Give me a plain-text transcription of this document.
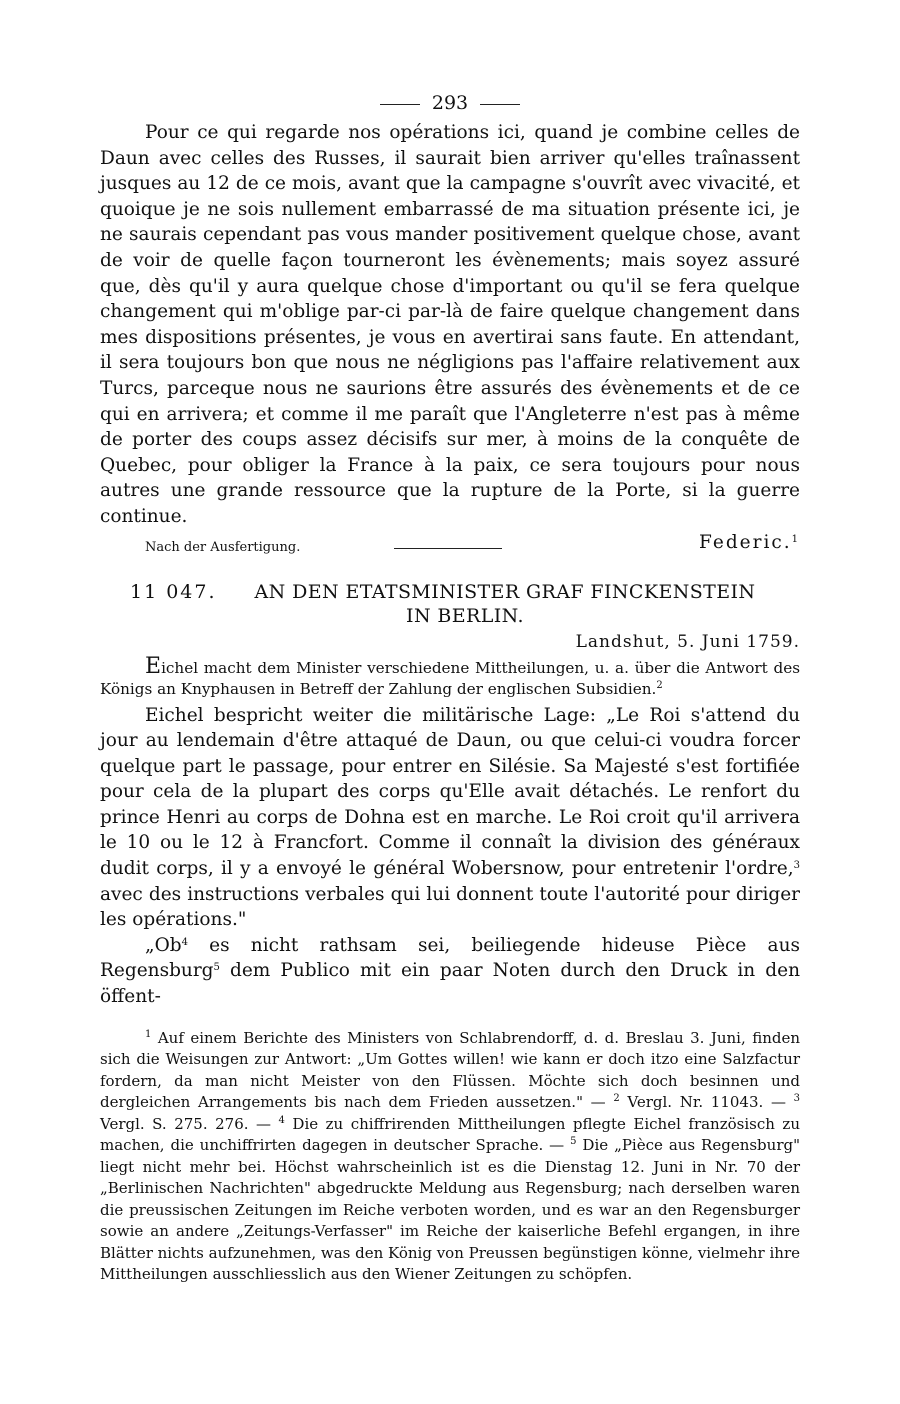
293

Pour ce qui regarde nos opérations ici, quand je combine celles de Daun avec celles des Russes, il saurait bien arriver qu'elles traînassent jusques au 12 de ce mois, avant que la campagne s'ouvrît avec vivacité, et quoique je ne sois nullement embarrassé de ma situation présente ici, je ne saurais cependant pas vous mander positivement quelque chose, avant de voir de quelle façon tourneront les évènements; mais soyez assuré que, dès qu'il y aura quelque chose d'important ou qu'il se fera quelque changement qui m'oblige par-ci par-là de faire quelque changement dans mes dispositions présentes, je vous en avertirai sans faute. En attendant, il sera toujours bon que nous ne négligions pas l'affaire relativement aux Turcs, parceque nous ne saurions être assurés des évènements et de ce qui en arrivera; et comme il me paraît que l'Angleterre n'est pas à même de porter des coups assez décisifs sur mer, à moins de la conquête de Quebec, pour obliger la France à la paix, ce sera toujours pour nous autres une grande ressource que la rupture de la Porte, si la guerre continue.

Nach der Ausfertigung.	Federic.$^1$
11 047.	AN DEN ETATSMINISTER GRAF FINCKENSTEIN
IN BERLIN.
Landshut, 5. Juni 1759.

Eichel macht dem Minister verschiedene Mittheilungen, u. a. über die Antwort des Königs an Knyphausen in Betreff der Zahlung der englischen Subsidien.$^2$

Eichel bespricht weiter die militärische Lage: „Le Roi s'attend du jour au lendemain d'être attaqué de Daun, ou que celui-ci voudra forcer quelque part le passage, pour entrer en Silésie. Sa Majesté s'est fortifiée pour cela de la plupart des corps qu'Elle avait détachés. Le renfort du prince Henri au corps de Dohna est en marche. Le Roi croit qu'il arrivera le 10 ou le 12 à Francfort. Comme il connaît la division des généraux dudit corps, il y a envoyé le général Wobersnow, pour entretenir l'ordre,$^3$ avec des instructions verbales qui lui donnent toute l'autorité pour diriger les opérations."

„Ob$^4$ es nicht rathsam sei, beiliegende hideuse Pièce aus Regensburg$^5$ dem Publico mit ein paar Noten durch den Druck in den öffent-

$^1$ Auf einem Berichte des Ministers von Schlabrendorff, d. d. Breslau 3. Juni, finden sich die Weisungen zur Antwort: „Um Gottes willen! wie kann er doch itzo eine Salzfactur fordern, da man nicht Meister von den Flüssen. Möchte sich doch besinnen und dergleichen Arrangements bis nach dem Frieden aussetzen." — $^2$ Vergl. Nr. 11043. — $^3$ Vergl. S. 275. 276. — $^4$ Die zu chiffrirenden Mittheilungen pflegte Eichel französisch zu machen, die unchiffrirten dagegen in deutscher Sprache. — $^5$ Die „Pièce aus Regensburg" liegt nicht mehr bei. Höchst wahrscheinlich ist es die Dienstag 12. Juni in Nr. 70 der „Berlinischen Nachrichten" abgedruckte Meldung aus Regensburg; nach derselben waren die preussischen Zeitungen im Reiche verboten worden, und es war an den Regensburger sowie an andere „Zeitungs-Verfasser" im Reiche der kaiserliche Befehl ergangen, in ihre Blätter nichts aufzunehmen, was den König von Preussen begünstigen könne, vielmehr ihre Mittheilungen ausschliesslich aus den Wiener Zeitungen zu schöpfen.
